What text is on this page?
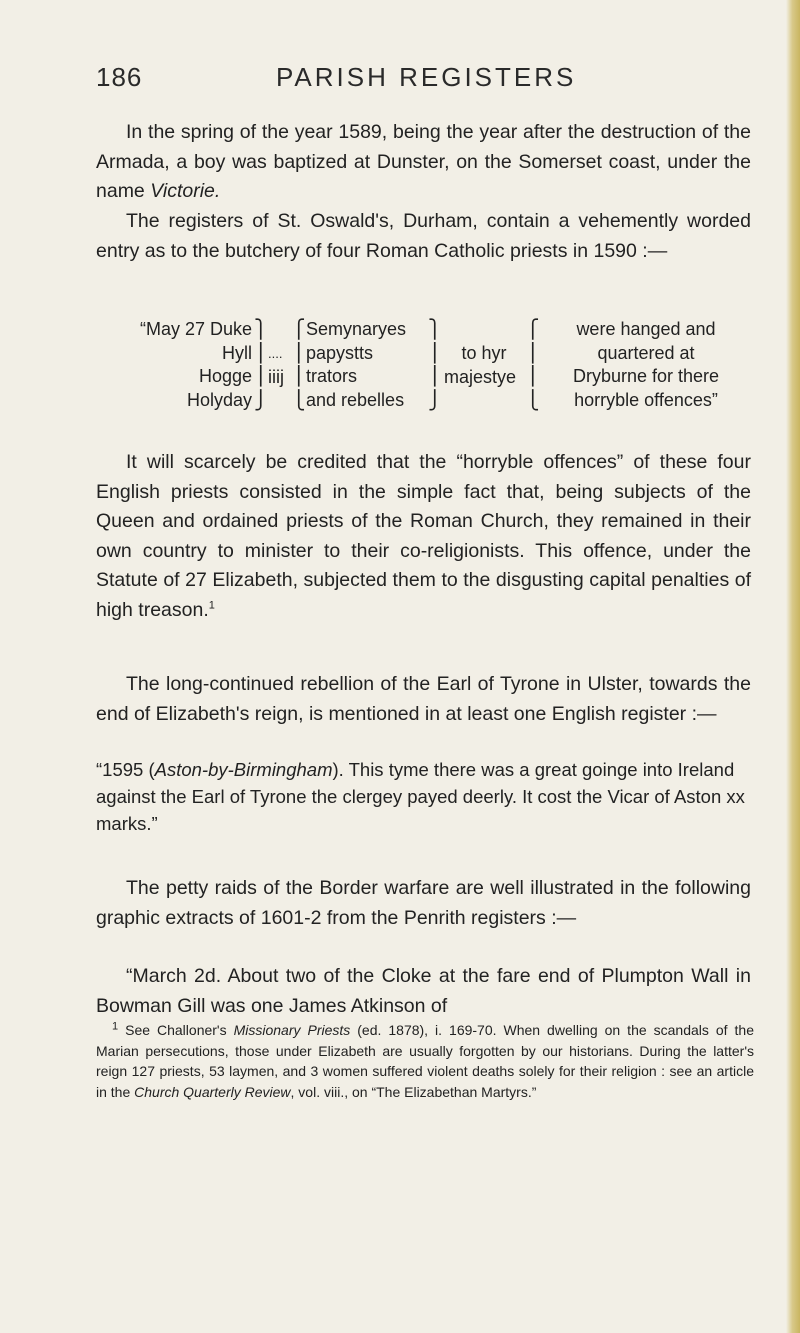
186	PARISH REGISTERS

In the spring of the year 1589, being the year after the destruction of the Armada, a boy was baptized at Dunster, on the Somerset coast, under the name Victorie.

The registers of St. Oswald's, Durham, contain a vehemently worded entry as to the butchery of four Roman Catholic priests in 1590 :—

“May 27 Duke
Hyll
Hogge
Holyday
⎫
⎪
⎪
⎭
....
iiij
⎧
⎪
⎪
⎩
Semynaryes
papystts
trators
and rebelles
⎫
⎪
⎪
⎭
to hyr
majestye
⎧
⎪
⎪
⎩
were hanged and
quartered at
Dryburne for there
horryble offences”

It will scarcely be credited that the “horryble offences” of these four English priests consisted in the simple fact that, being subjects of the Queen and ordained priests of the Roman Church, they remained in their own country to minister to their co-religionists. This offence, under the Statute of 27 Elizabeth, subjected them to the disgusting capital penalties of high treason.$^1$

The long-continued rebellion of the Earl of Tyrone in Ulster, towards the end of Elizabeth's reign, is mentioned in at least one English register :—

“1595 (Aston-by-Birmingham). This tyme there was a great goinge into Ireland against the Earl of Tyrone the clergey payed deerly. It cost the Vicar of Aston xx marks.”

The petty raids of the Border warfare are well illustrated in the following graphic extracts of 1601-2 from the Penrith registers :—

“March 2d. About two of the Cloke at the fare end of Plumpton Wall in Bowman Gill was one James Atkinson of

$^1$ See Challoner's Missionary Priests (ed. 1878), i. 169-70. When dwelling on the scandals of the Marian persecutions, those under Elizabeth are usually forgotten by our historians. During the latter's reign 127 priests, 53 laymen, and 3 women suffered violent deaths solely for their religion : see an article in the Church Quarterly Review, vol. viii., on “The Elizabethan Martyrs.”
